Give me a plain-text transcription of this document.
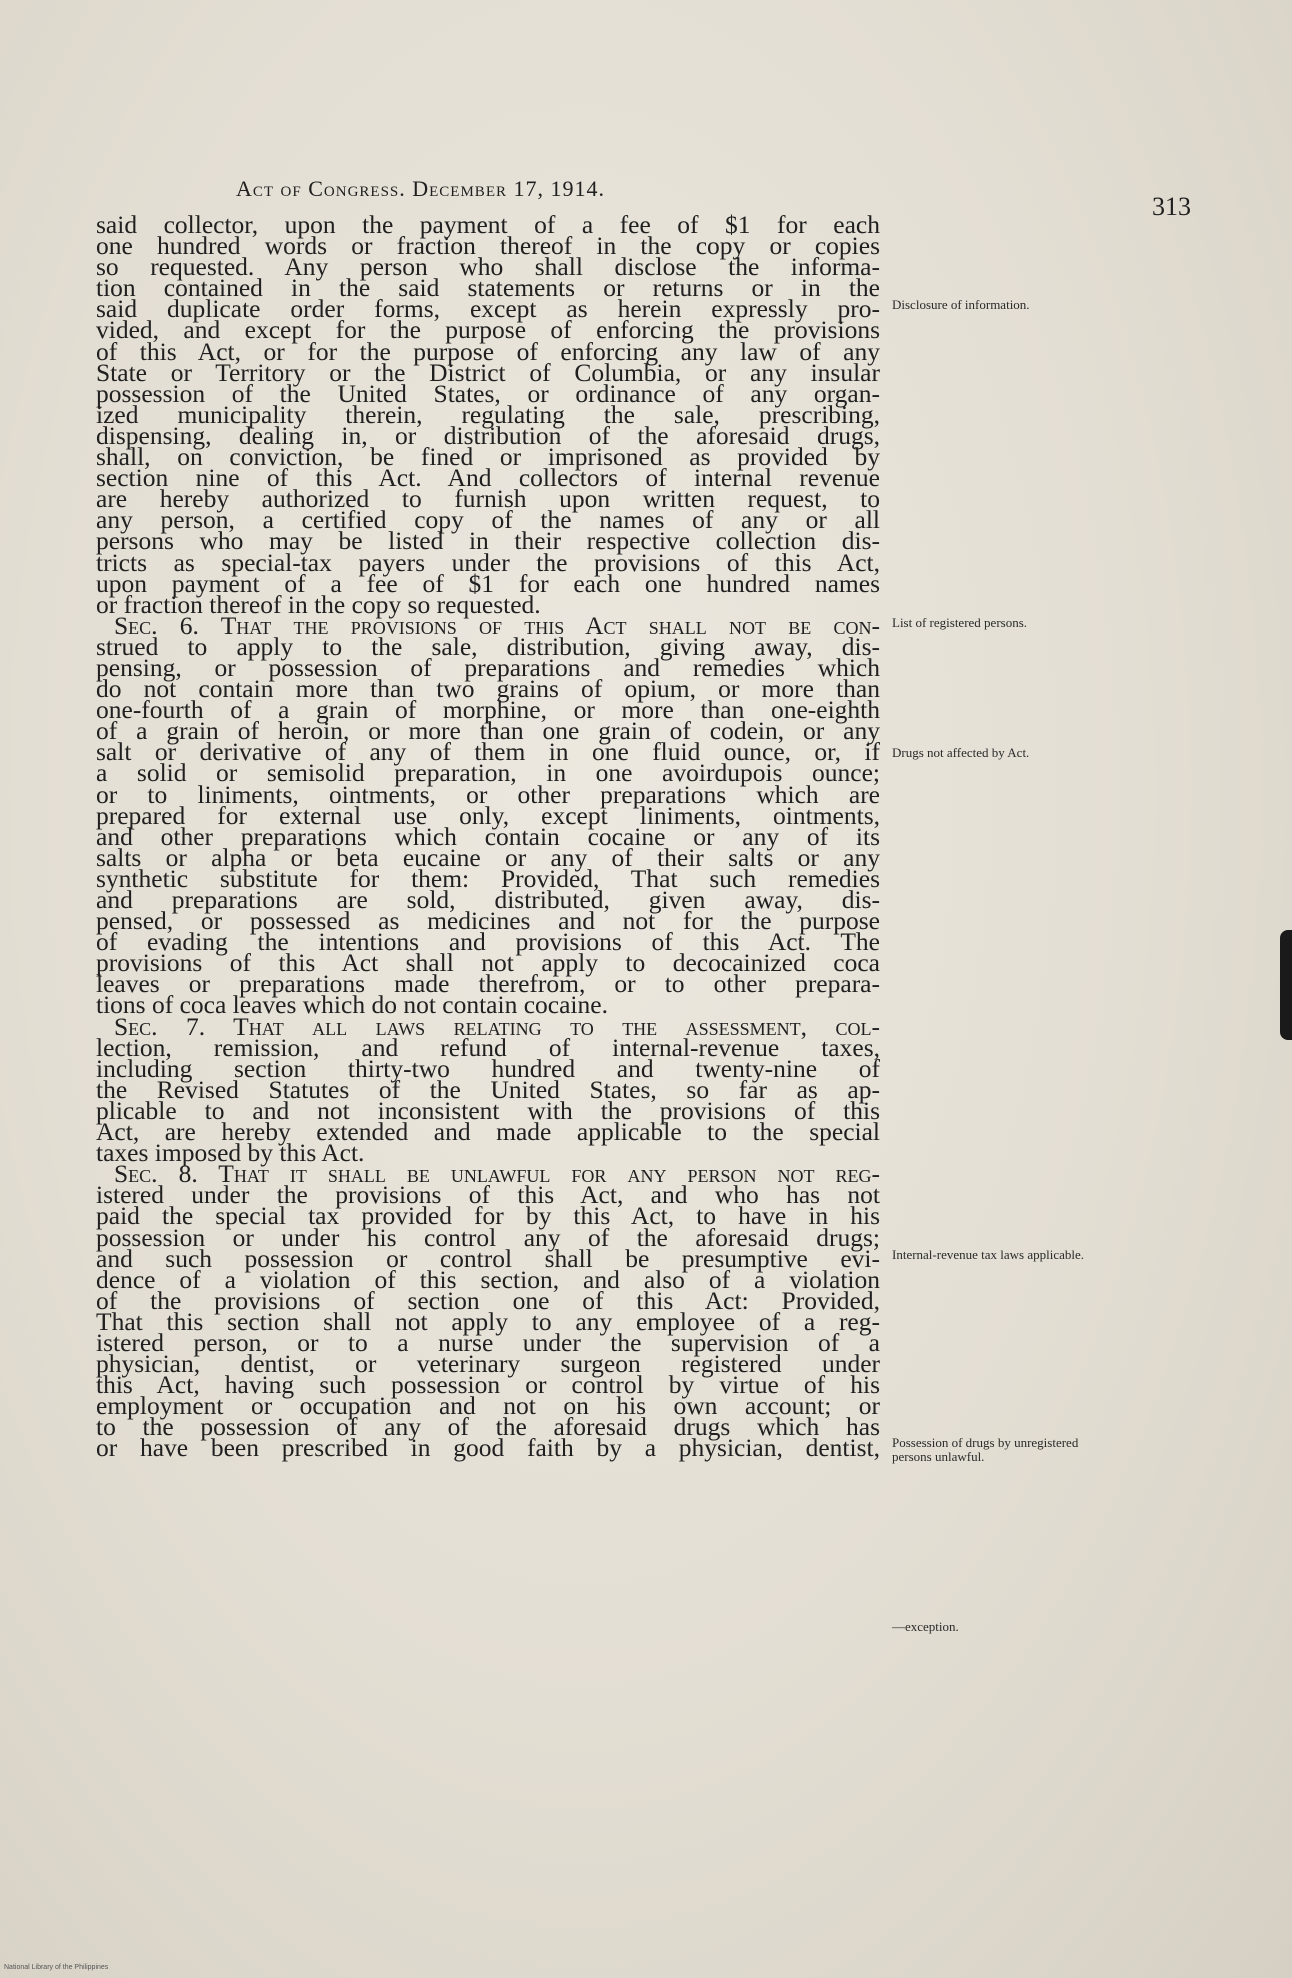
Act of Congress. December 17, 1914.
313
said collector, upon the payment of a fee of $1 for each
one hundred words or fraction thereof in the copy or copies
so requested. Any person who shall disclose the informa-
tion contained in the said statements or returns or in the
said duplicate order forms, except as herein expressly pro-
vided, and except for the purpose of enforcing the provisions
of this Act, or for the purpose of enforcing any law of any
State or Territory or the District of Columbia, or any insular
possession of the United States, or ordinance of any organ-
ized municipality therein, regulating the sale, prescribing,
dispensing, dealing in, or distribution of the aforesaid drugs,
shall, on conviction, be fined or imprisoned as provided by
section nine of this Act. And collectors of internal revenue
are hereby authorized to furnish upon written request, to
any person, a certified copy of the names of any or all
persons who may be listed in their respective collection dis-
tricts as special-tax payers under the provisions of this Act,
upon payment of a fee of $1 for each one hundred names
or fraction thereof in the copy so requested.
Sec. 6. That the provisions of this Act shall not be con-
strued to apply to the sale, distribution, giving away, dis-
pensing, or possession of preparations and remedies which
do not contain more than two grains of opium, or more than
one-fourth of a grain of morphine, or more than one-eighth
of a grain of heroin, or more than one grain of codein, or any
salt or derivative of any of them in one fluid ounce, or, if
a solid or semisolid preparation, in one avoirdupois ounce;
or to liniments, ointments, or other preparations which are
prepared for external use only, except liniments, ointments,
and other preparations which contain cocaine or any of its
salts or alpha or beta eucaine or any of their salts or any
synthetic substitute for them: Provided, That such remedies
and preparations are sold, distributed, given away, dis-
pensed, or possessed as medicines and not for the purpose
of evading the intentions and provisions of this Act. The
provisions of this Act shall not apply to decocainized coca
leaves or preparations made therefrom, or to other prepara-
tions of coca leaves which do not contain cocaine.
Sec. 7. That all laws relating to the assessment, col-
lection, remission, and refund of internal-revenue taxes,
including section thirty-two hundred and twenty-nine of
the Revised Statutes of the United States, so far as ap-
plicable to and not inconsistent with the provisions of this
Act, are hereby extended and made applicable to the special
taxes imposed by this Act.
Sec. 8. That it shall be unlawful for any person not reg-
istered under the provisions of this Act, and who has not
paid the special tax provided for by this Act, to have in his
possession or under his control any of the aforesaid drugs;
and such possession or control shall be presumptive evi-
dence of a violation of this section, and also of a violation
of the provisions of section one of this Act: Provided,
That this section shall not apply to any employee of a reg-
istered person, or to a nurse under the supervision of a
physician, dentist, or veterinary surgeon registered under
this Act, having such possession or control by virtue of his
employment or occupation and not on his own account; or
to the possession of any of the aforesaid drugs which has
or have been prescribed in good faith by a physician, dentist,
Disclosure of information.
List of registered persons.
Drugs not affected by Act.
Internal-revenue tax laws applicable.
Possession of drugs by unregistered persons unlawful.
—exception.
National Library of the Philippines
